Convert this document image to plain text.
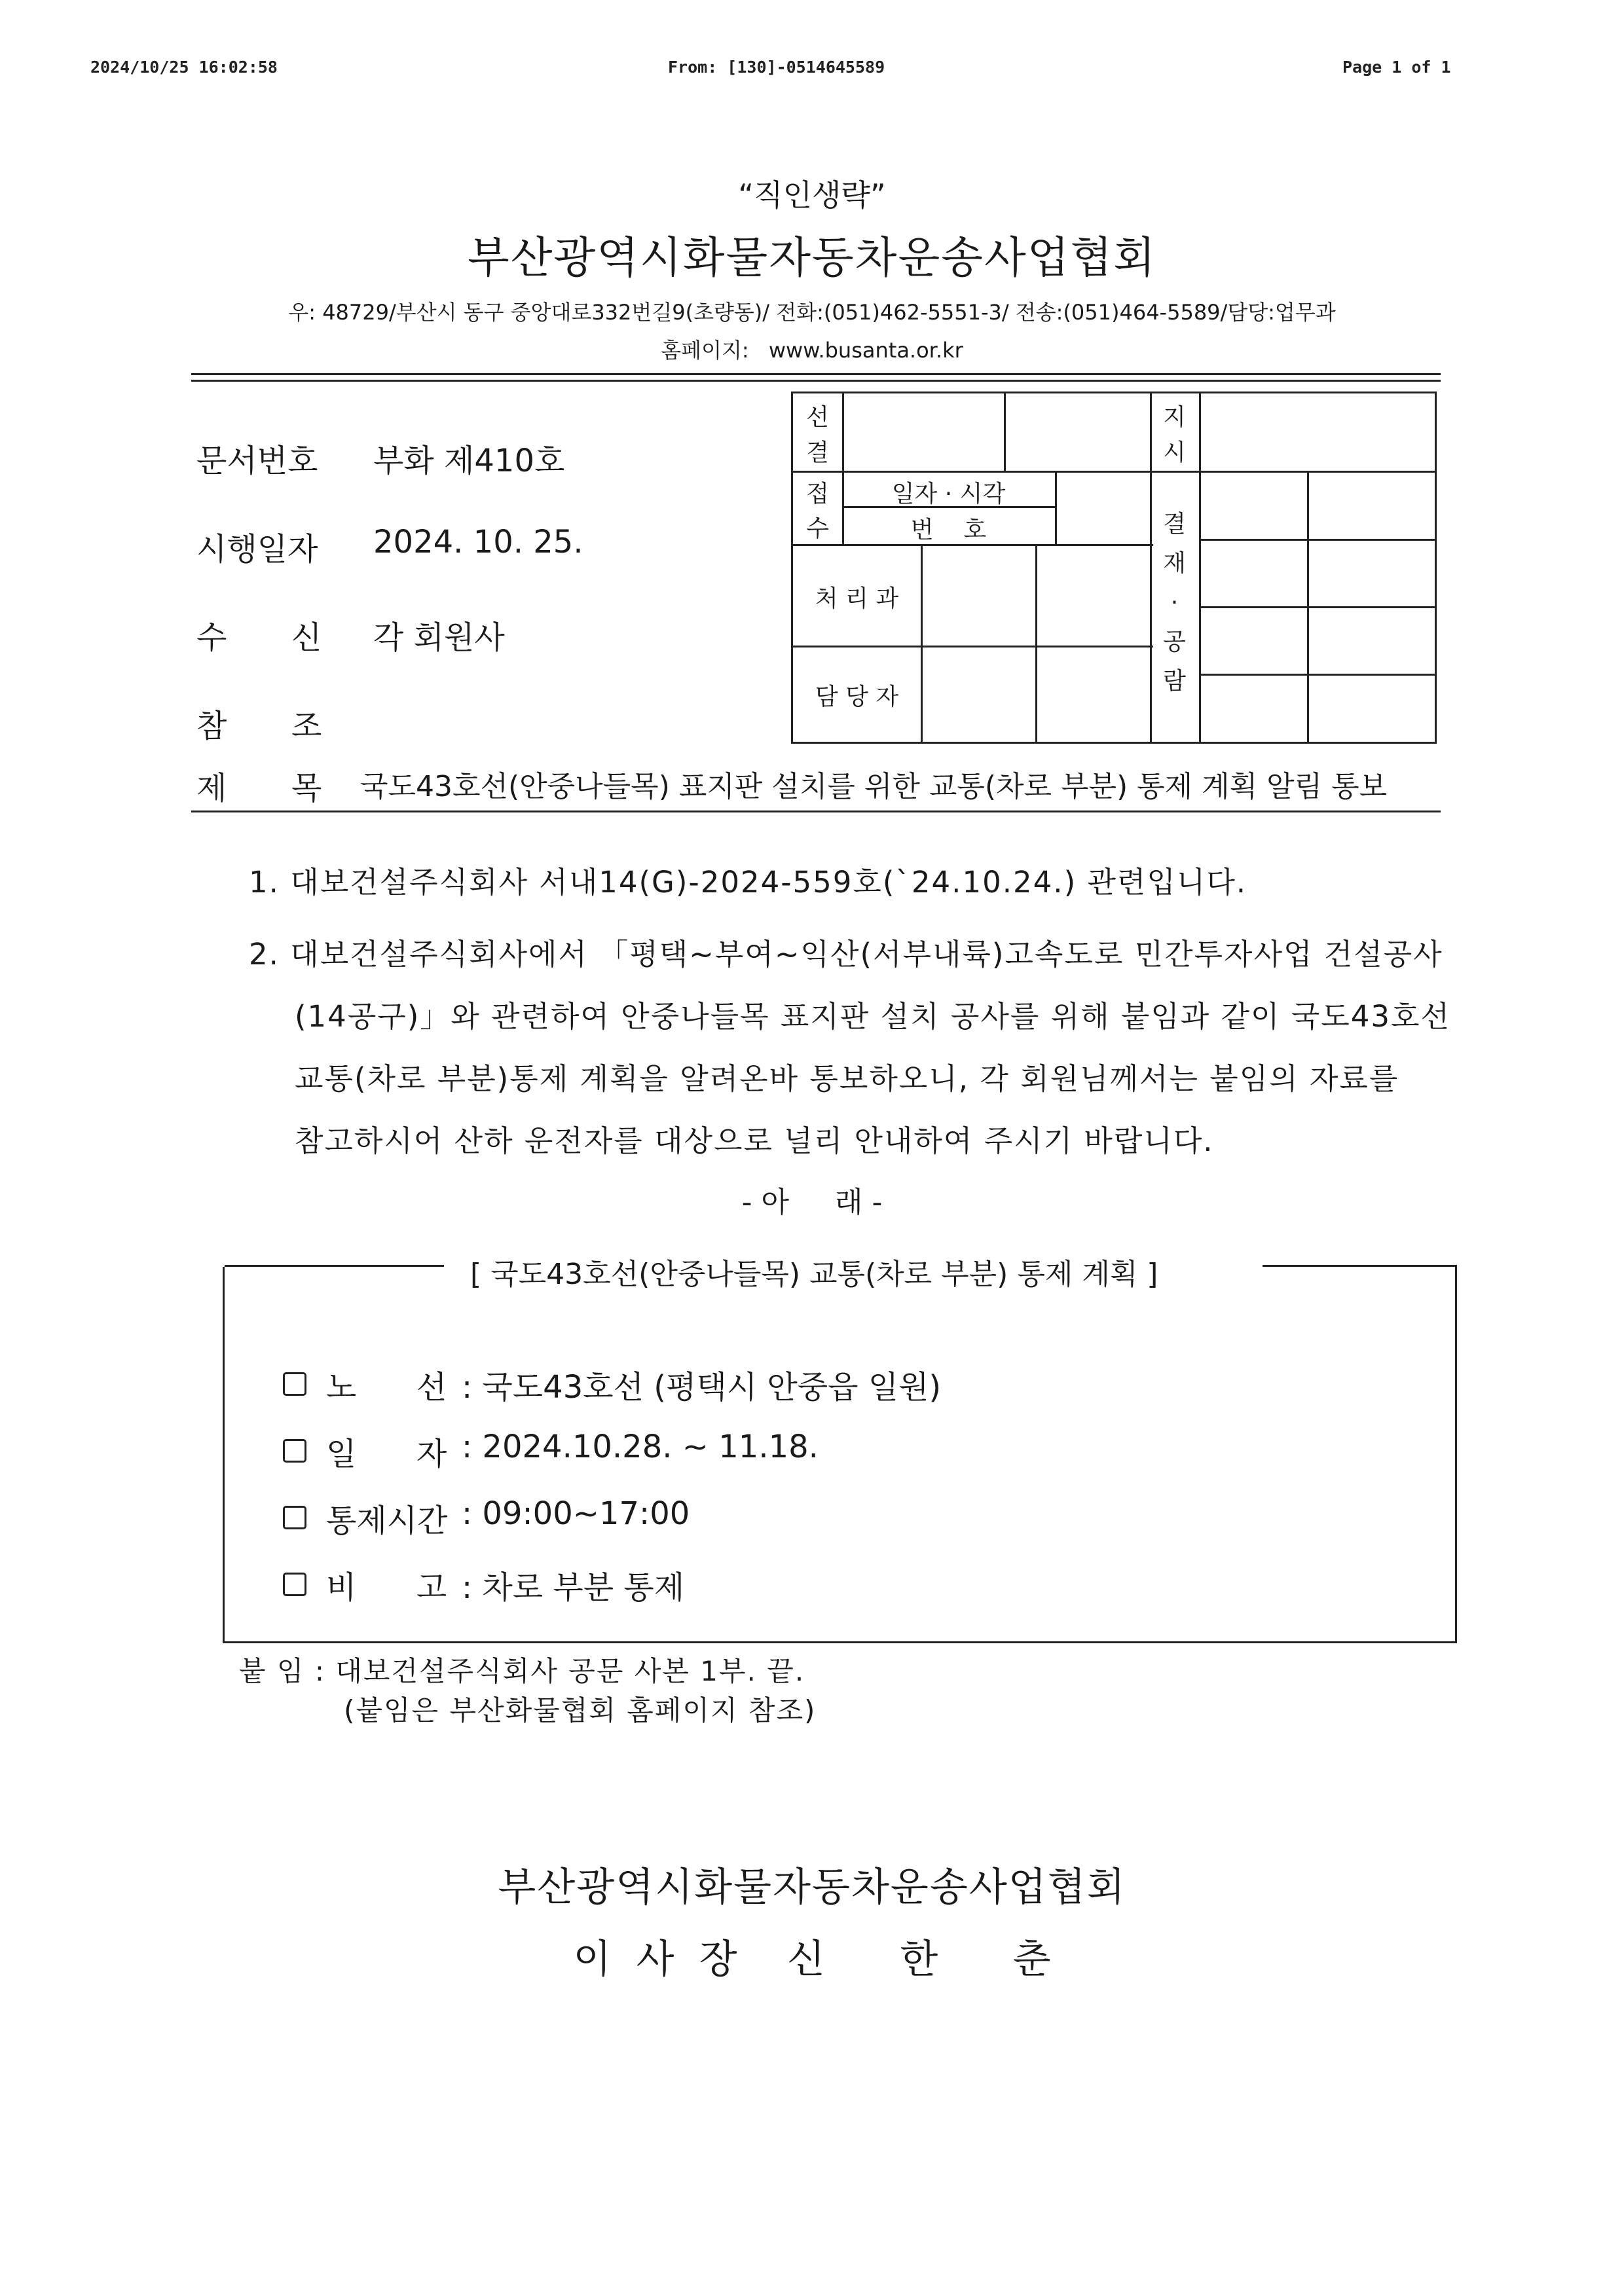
2024/10/25 16:02:58	From: [130]-0514645589	Page 1 of 1
“직인생략”
부산광역시화물자동차운송사업협회
우: 48729/부산시 동구 중앙대로332번길9(초량동)/ 전화:(051)462-5551-3/ 전송:(051)464-5589/담당:업무과
홈페이지: www.busanta.or.kr
문서번호 부화 제410호
시행일자 2024. 10. 25.
수 신 각 회원사
참 조
제 목 국도43호선(안중나들목) 표지판 설치를 위한 교통(차로 부분) 통제 계획 알림 통보
선
결
지
시
접
수
일자 · 시각
번    호
처 리 과
담 당 자
결
재
·
공
람
1. 대보건설주식회사 서내14(G)-2024-559호(`24.10.24.) 관련입니다.
2. 대보건설주식회사에서 「평택~부여~익산(서부내륙)고속도로 민간투자사업 건설공사
(14공구)」와 관련하여 안중나들목 표지판 설치 공사를 위해 붙임과 같이 국도43호선
교통(차로 부분)통제 계획을 알려온바 통보하오니, 각 회원님께서는 붙임의 자료를
참고하시어 산하 운전자를 대상으로 널리 안내하여 주시기 바랍니다.
- 아     래 -
[ 국도43호선(안중나들목) 교통(차로 부분) 통제 계획 ]
노      선 : 국도43호선 (평택시 안중읍 일원)
일      자 : 2024.10.28. ~ 11.18.
통제시간 : 09:00~17:00
비      고 : 차로 부분 통제
붙 임 : 대보건설주식회사 공문 사본 1부. 끝.
(붙임은 부산화물협회 홈페이지 참조)
부산광역시화물자동차운송사업협회
이  사  장    신      한      춘
